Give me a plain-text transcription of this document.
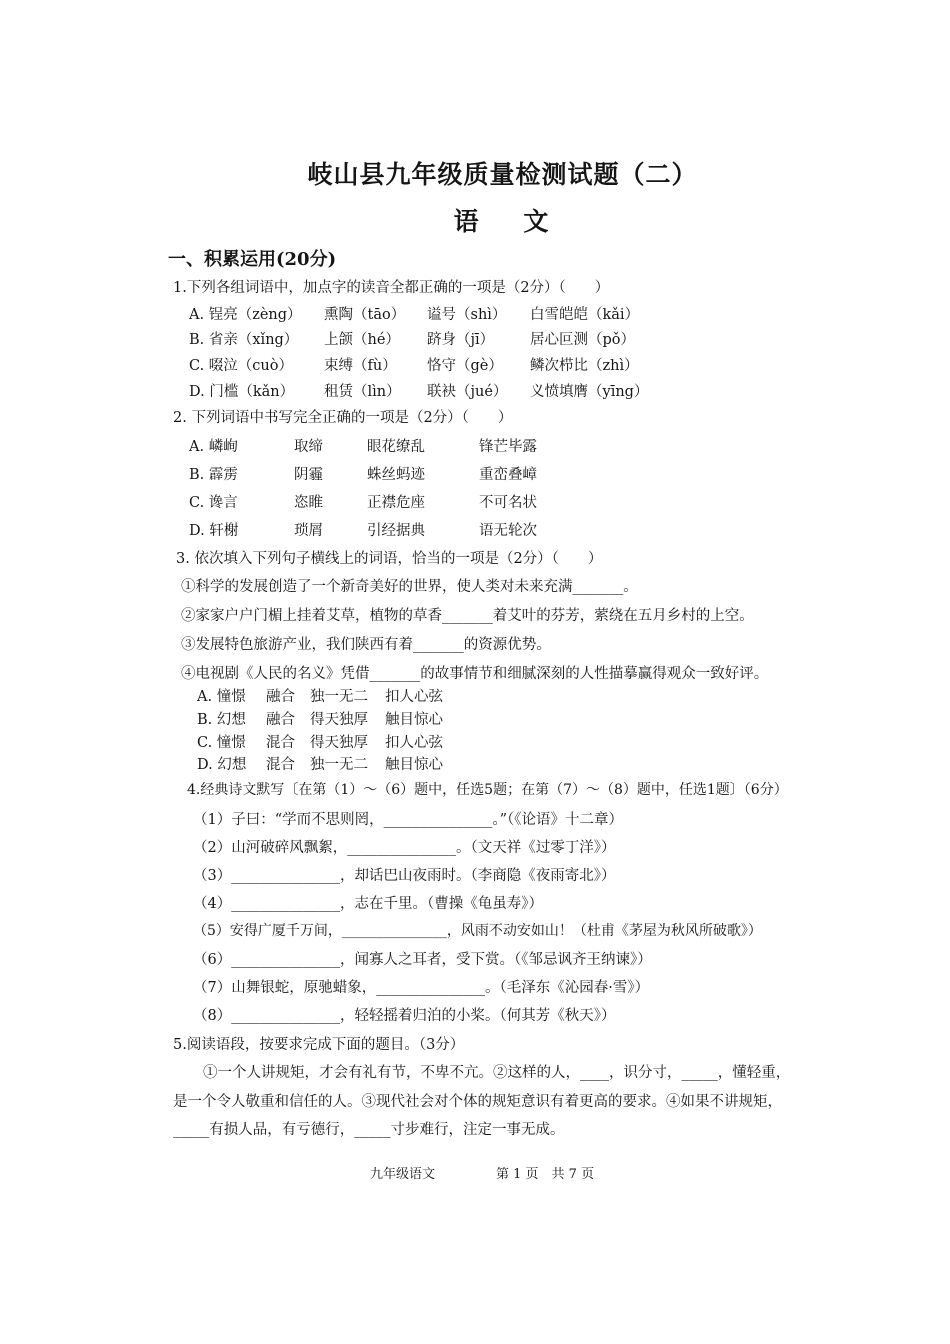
岐山县九年级质量检测试题（二）
语 文
一、积累运用(20分)
1.下列各组词语中，加点字的读音全都正确的一项是（2分）（　　）
A. 锃亮（zèng） 熏陶（tāo） 谥号（shì） 白雪皑皑（kǎi）
B. 省亲（xǐng） 上颌（hé） 跻身（jī） 居心叵测（pǒ）
C. 啜泣（cuò） 束缚（fù） 恪守（gè） 鳞次栉比（zhì）
D. 门槛（kǎn） 租赁（lìn） 联袂（jué） 义愤填膺（yīng）
2. 下列词语中书写完全正确的一项是（2分）（　　）
A. 嶙峋	取缔	眼花缭乱	锋芒毕露
B. 霹雳	阴霾	蛛丝蚂迹	重峦叠嶂
C. 谗言	恣睢	正襟危座	不可名状
D. 轩榭	琐屑	引经据典	语无轮次
3. 依次填入下列句子横线上的词语，恰当的一项是（2分）（　　）
①科学的发展创造了一个新奇美好的世界，使人类对未来充满_______。
②家家户户门楣上挂着艾草，植物的草香_______着艾叶的芬芳，萦绕在五月乡村的上空。
③发展特色旅游产业，我们陕西有着_______的资源优势。
④电视剧《人民的名义》凭借_______的故事情节和细腻深刻的人性描摹赢得观众一致好评。
A. 憧憬 融合 独一无二 扣人心弦
B. 幻想 融合 得天独厚 触目惊心
C. 憧憬 混合 得天独厚 扣人心弦
D. 幻想 混合 独一无二 触目惊心
4.经典诗文默写〔在第（1）～（6）题中，任选5题；在第（7）～（8）题中，任选1题〕（6分）
（1）子曰：“学而不思则罔，_______________。”（《论语》十二章）
（2）山河破碎风飘絮，_______________。（文天祥《过零丁洋》）
（3）_______________，却话巴山夜雨时。（李商隐《夜雨寄北》）
（4）_______________，志在千里。（曹操《龟虽寿》）
（5）安得广厦千万间，_______________，风雨不动安如山！（杜甫《茅屋为秋风所破歌》）
（6）_______________，闻寡人之耳者，受下赏。（《邹忌讽齐王纳谏》）
（7）山舞银蛇，原驰蜡象，_______________。（毛泽东《沁园春·雪》）
（8）_______________，轻轻摇着归泊的小桨。（何其芳《秋天》）
5.阅读语段，按要求完成下面的题目。（3分）
①一个人讲规矩，才会有礼有节，不卑不亢。②这样的人，____，识分寸，_____，懂轻重，
是一个令人敬重和信任的人。③现代社会对个体的规矩意识有着更高的要求。④如果不讲规矩，
_____有损人品，有亏德行，_____寸步难行，注定一事无成。
九年级语文	第 1 页　共 7 页
